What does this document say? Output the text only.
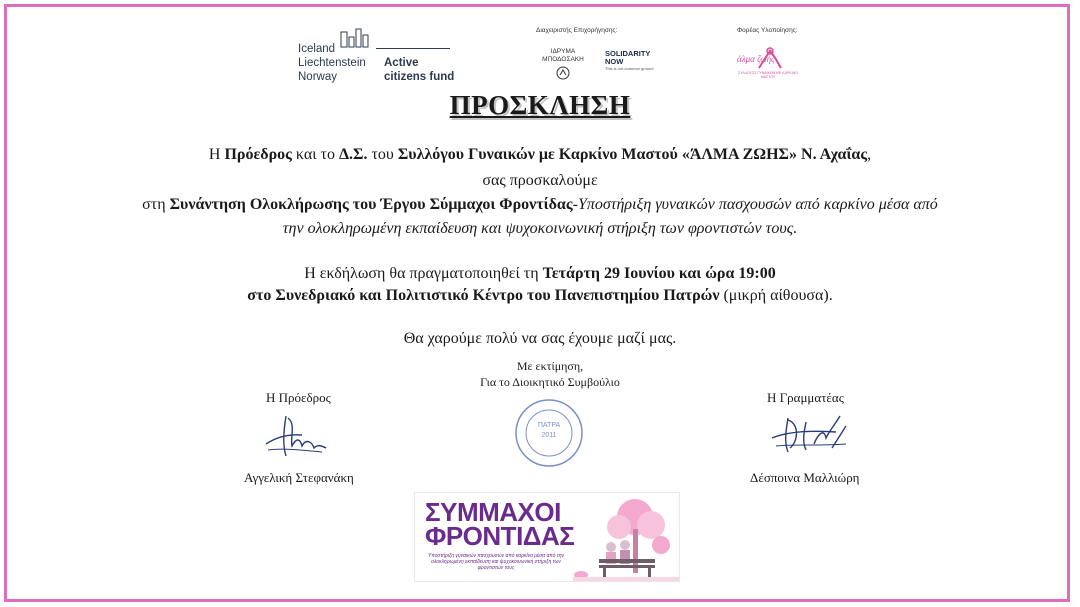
Iceland
Liechtenstein
Norway
Active
citizens fund
Διαχειριστής Επιχορήγησης:
ΙΔΡΥΜΑ
ΜΠΟΔΟΣΑΚΗ
SOLIDARITY NOW
This is our common ground
Φορέας Υλοποίησης:
άλμα ζωής
ΣΥΛΛΟΓΟΣ ΓΥΝΑΙΚΩΝ ΜΕ ΚΑΡΚΙΝΟ ΜΑΣΤΟΥ
ΠΡΟΣΚΛΗΣΗ
Η Πρόεδρος και το Δ.Σ. του Συλλόγου Γυναικών με Καρκίνο Μαστού «ΆΛΜΑ ΖΩΗΣ» Ν. Αχαΐας,
σας προσκαλούμε
στη Συνάντηση Ολοκλήρωσης του Έργου Σύμμαχοι Φροντίδας-Υποστήριξη γυναικών πασχουσών από καρκίνο μέσα από
την ολοκληρωμένη εκπαίδευση και ψυχοκοινωνική στήριξη των φροντιστών τους.
Η εκδήλωση θα πραγματοποιηθεί τη Τετάρτη 29 Ιουνίου και ώρα 19:00
στο Συνεδριακό και Πολιτιστικό Κέντρο του Πανεπιστημίου Πατρών (μικρή αίθουσα).
Θα χαρούμε πολύ να σας έχουμε μαζί μας.
Με εκτίμηση,
Για το Διοικητικό Συμβούλιο
Η Πρόεδρος
Αγγελική Στεφανάκη
ΠΑΤΡΑ
2011
Η Γραμματέας
Δέσποινα Μαλλιώρη
ΣΥΜΜΑΧΟΙ
ΦΡΟΝΤΙΔΑΣ
Υποστήριξη γυναικών πασχουσών από καρκίνο μέσα από την ολοκληρωμένη εκπαίδευση και ψυχοκοινωνική στήριξη των φροντιστών τους
